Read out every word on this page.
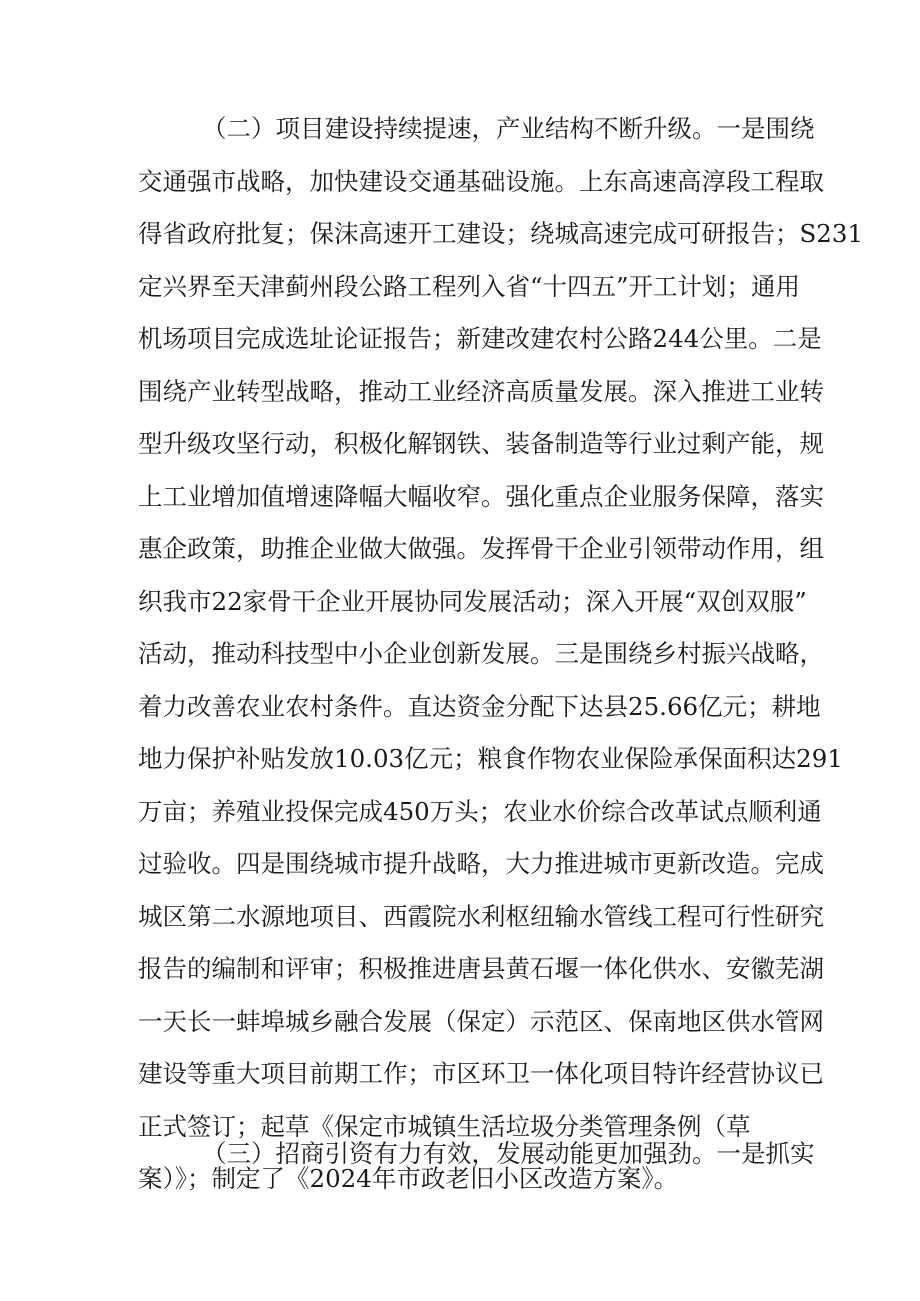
（二）项目建设持续提速，产业结构不断升级。一是围绕
交通强市战略，加快建设交通基础设施。上东高速高淳段工程取
得省政府批复；保沫高速开工建设；绕城高速完成可研报告；S231
定兴界至天津蓟州段公路工程列入省“十四五”开工计划；通用
机场项目完成选址论证报告；新建改建农村公路244公里。二是
围绕产业转型战略，推动工业经济高质量发展。深入推进工业转
型升级攻坚行动，积极化解钢铁、装备制造等行业过剩产能，规
上工业增加值增速降幅大幅收窄。强化重点企业服务保障，落实
惠企政策，助推企业做大做强。发挥骨干企业引领带动作用，组
织我市22家骨干企业开展协同发展活动；深入开展“双创双服”
活动，推动科技型中小企业创新发展。三是围绕乡村振兴战略，
着力改善农业农村条件。直达资金分配下达县25.66亿元；耕地
地力保护补贴发放10.03亿元；粮食作物农业保险承保面积达291
万亩；养殖业投保完成450万头；农业水价综合改革试点顺利通
过验收。四是围绕城市提升战略，大力推进城市更新改造。完成
城区第二水源地项目、西霞院水利枢纽输水管线工程可行性研究
报告的编制和评审；积极推进唐县黄石堰一体化供水、安徽芜湖
一天长一蚌埠城乡融合发展（保定）示范区、保南地区供水管网
建设等重大项目前期工作；市区环卫一体化项目特许经营协议已
正式签订；起草《保定市城镇生活垃圾分类管理条例（草
案）》；制定了《2024年市政老旧小区改造方案》。
（三）招商引资有力有效，发展动能更加强劲。一是抓实
